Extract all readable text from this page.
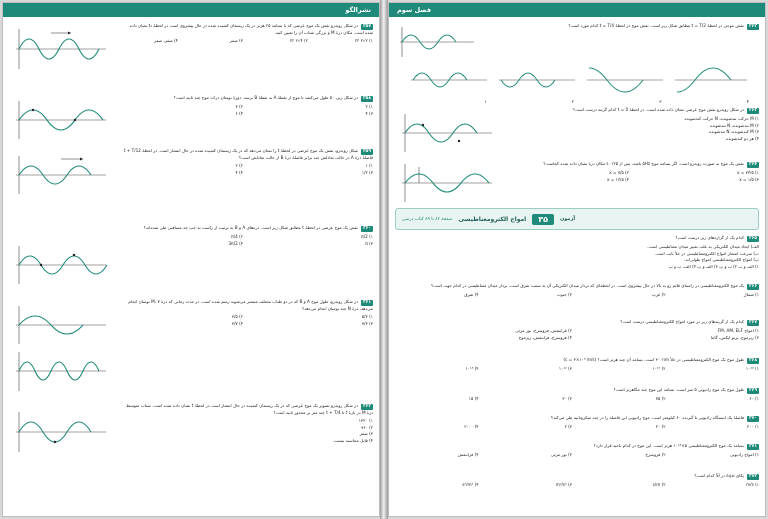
نشرالگو
۲۵۷در شکل روبه‌رو نقش یک موج عرضی که با بسامد ۲۵ هرتز در یک ریسمان کشیده شده در حال پیشروی است در لحظهٔ t₁ نشان داده شده است. مکان ذرهٔ M و بزرگی شتاب آن را تعیین کنید.
۱) ۲√۲ π²
۲) ۴√۲ π²
۳) صفر
۴) صفر، صفر
۲۵۸در شکل زیر، ۵۰ طول می‌کشد تا موج از نقطهٔ A به نقطهٔ B برسد. دورهٔ نوسان ذرات موج چند ثانیه است؟
۱) ۲
۲) ۳
۳) ۴
۴) ۶
۲۵۹شکل روبه‌رو، نقش یک موج عرضی در لحظهٔ t را نشان می‌دهد که در یک ریسمان کشیده شده در حال انتشار است. در لحظهٔ t + T/12 فاصلهٔ ذرهٔ A در حالت تعادلش چند برابر فاصلهٔ ذرهٔ B از حالت تعادلش است؟
۱) ۱
۲) ۲
۳) ۱/۲
۴) ۴
۲۶۰نقش یک موج عرضی در لحظهٔ t مطابق شکل زیر است. ذره‌های A و B به ترتیب از راست به چپ چه مسافتی طی شده‌اند؟
۱) π/2
۲) π/4
۳) π
۴) 3π/2
۲۶۱در شکل روبه‌رو، طول موج A و B که در دو طناب مختلف منتشر می‌شوند رسم شده است. در مدت زمانی که ذرهٔ M، ۷ نوسان انجام می‌دهد، ذرهٔ N چند نوسان انجام می‌دهد؟
۱) ۵/۳
۲) ۳/۵
۳) ۷/۳
۴) ۳/۷
۲۶۲در شکل روبه‌رو تصویر یک موج عرضی که در یک ریسمان کشیده در حال انتشار است در لحظهٔ t نشان داده شده است. شتاب متوسط ذرهٔ M در بازهٔ t تا t + T/4 چند متر بر مجذور ثانیه است؟
۱) ۱۳۲۰
۲) ۹۶۰
۳) صفر
۴) قابل محاسبه نیست.
فصل سوم
۲۶۲نقش موجی در لحظهٔ t = T/2 مطابق شکل زیر است. نقش موج در لحظهٔ t = T/4 کدام مورد است؟
۴
۳
۲
۱
۲۶۳در شکل روبه‌رو نقش موج عرضی نشان داده شده است. در لحظهٔ t = 0 کدام گزینه درست است؟
۱) M حرکت تندشونده، N حرکت کندشونده
۲) M تندشونده، N تندشونده
۳) M کندشونده، N تندشونده
۴) هر دو کندشونده
۲۶۴نقش یک موج به صورت روبه‌رو است. اگر بسامد موج ۵Hz باشد، پس از ۰/۲۵ s مکان ذرهٔ نشان داده شده کجاست؟
۱) x = ۷/۲۵
۲) x = ۷/۵
۳) x = ۱/۵
۴) x = ۱/۲۵
آزمون
۳۵
امواج الکترومغناطیسی
صفحهٔ ۸۲ تا ۸۹ کتاب درسی
۲۶۵کدام یک از گزاره‌های زیر درست است؟
الف) ایجاد میدان الکتریکی به علت تغییر میدان مغناطیسی است.
ب) سرعت انتشار امواج الکترومغناطیسی در خلأ ثابت است.
پ) امواج الکترومغناطیسی امواج طولی‌اند.
۱) الف و ب ۲) ب و پ ۳) الف و پ ۴) الف، ب و پ
۲۶۶یک موج الکترومغناطیسی در راستای قائم رو به بالا در حال پیشروی است. در لحظه‌ای که بردار میدان الکتریکی آن به سمت شرق است، بردار میدان مغناطیسی در کدام جهت است؟
۱) شمال
۲) غرب
۳) جنوب
۴) شرق
۲۶۷کدام یک از گزینه‌های زیر در مورد امواج الکترومغناطیسی درست است؟
۱) امواج FM، AM، ELF
۲) فرابنفش، فروسرخ، نور مرئی
۳) ریزموج، پرتو ایکس، گاما
۴) فروسرخ، فرابنفش، ریزموج
۲۶۸طول موج یک موج الکترومغناطیسی در خلأ ۳۰۰nm است. بسامد آن چند هرتز است؟ (c = ۳×۱۰⁸ m/s)
۱) ۱۰¹⁴
۲) ۱۰¹⁵
۳) ۱۰¹²
۴) ۱۰¹³
۲۶۹طول موج یک موج رادیویی ۵ متر است. بسامد این موج چند مگاهرتز است؟
۱) ۶۰
۲) ۷۵
۳) ۳۰
۴) ۱۵
۲۷۰فاصلهٔ یک ایستگاه رادیویی تا گیرنده ۶۰ کیلومتر است. موج رادیویی این فاصله را در چند میکروثانیه طی می‌کند؟
۱) ۲۰۰
۲) ۲۰
۳) ۲
۴) ۲۰۰۰
۲۷۱بسامد یک موج الکترومغناطیسی ۵×۱۰¹⁴ هرتز است. این موج در کدام ناحیه قرار دارد؟
۱) امواج رادیویی
۲) فروسرخ
۳) نور مرئی
۴) فرابنفش
۲۷۲یکای ε₀μ₀ در SI کدام است؟
۱) m/s
۲) s/m
۳) m²/s²
۴) s²/m²
